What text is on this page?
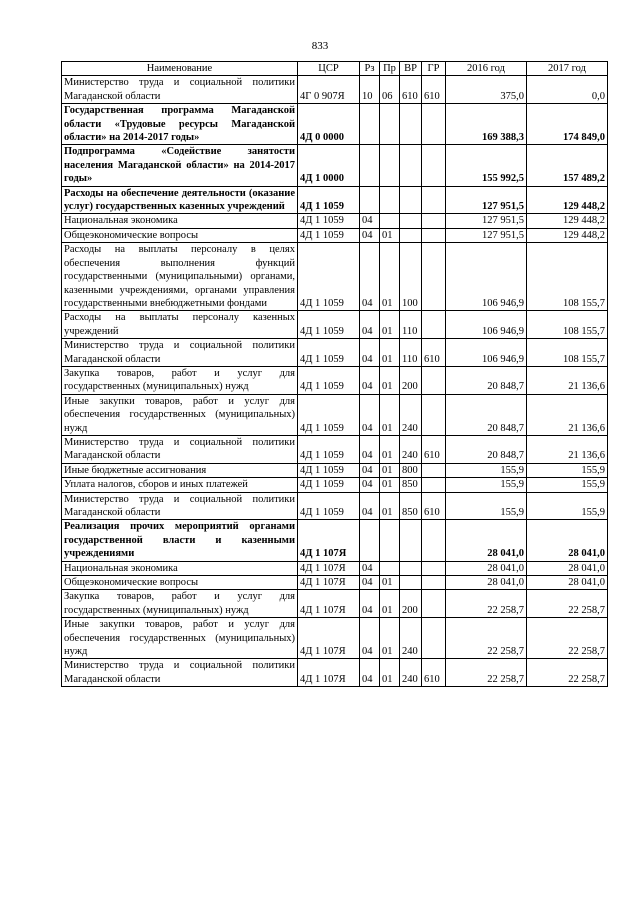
833
Наименование	ЦСР	Рз	Пр	ВР	ГР	2016 год	2017 год
Министерство труда и социальной политики Магаданской области	4Г 0 907Я	10	06	610	610	375,0	0,0
Государственная программа Магаданской области «Трудовые ресурсы Магаданской области» на 2014-2017 годы»	4Д 0 0000					169 388,3	174 849,0
Подпрограмма «Содействие занятости населения Магаданской области» на 2014-2017 годы»	4Д 1 0000					155 992,5	157 489,2
Расходы на обеспечение деятельности (оказание услуг) государственных казенных учреждений	4Д 1 1059					127 951,5	129 448,2
Национальная экономика	4Д 1 1059	04				127 951,5	129 448,2
Общеэкономические вопросы	4Д 1 1059	04	01			127 951,5	129 448,2
Расходы на выплаты персоналу в целях обеспечения выполнения функций государственными (муниципальными) органами, казенными учреждениями, органами управления государственными внебюджетными фондами	4Д 1 1059	04	01	100		106 946,9	108 155,7
Расходы на выплаты персоналу казенных учреждений	4Д 1 1059	04	01	110		106 946,9	108 155,7
Министерство труда и социальной политики Магаданской области	4Д 1 1059	04	01	110	610	106 946,9	108 155,7
Закупка товаров, работ и услуг для государственных (муниципальных) нужд	4Д 1 1059	04	01	200		20 848,7	21 136,6
Иные закупки товаров, работ и услуг для обеспечения государственных (муниципальных) нужд	4Д 1 1059	04	01	240		20 848,7	21 136,6
Министерство труда и социальной политики Магаданской области	4Д 1 1059	04	01	240	610	20 848,7	21 136,6
Иные бюджетные ассигнования	4Д 1 1059	04	01	800		155,9	155,9
Уплата налогов, сборов и иных платежей	4Д 1 1059	04	01	850		155,9	155,9
Министерство труда и социальной политики Магаданской области	4Д 1 1059	04	01	850	610	155,9	155,9
Реализация прочих мероприятий органами государственной власти и казенными учреждениями	4Д 1 107Я					28 041,0	28 041,0
Национальная экономика	4Д 1 107Я	04				28 041,0	28 041,0
Общеэкономические вопросы	4Д 1 107Я	04	01			28 041,0	28 041,0
Закупка товаров, работ и услуг для государственных (муниципальных) нужд	4Д 1 107Я	04	01	200		22 258,7	22 258,7
Иные закупки товаров, работ и услуг для обеспечения государственных (муниципальных) нужд	4Д 1 107Я	04	01	240		22 258,7	22 258,7
Министерство труда и социальной политики Магаданской области	4Д 1 107Я	04	01	240	610	22 258,7	22 258,7
